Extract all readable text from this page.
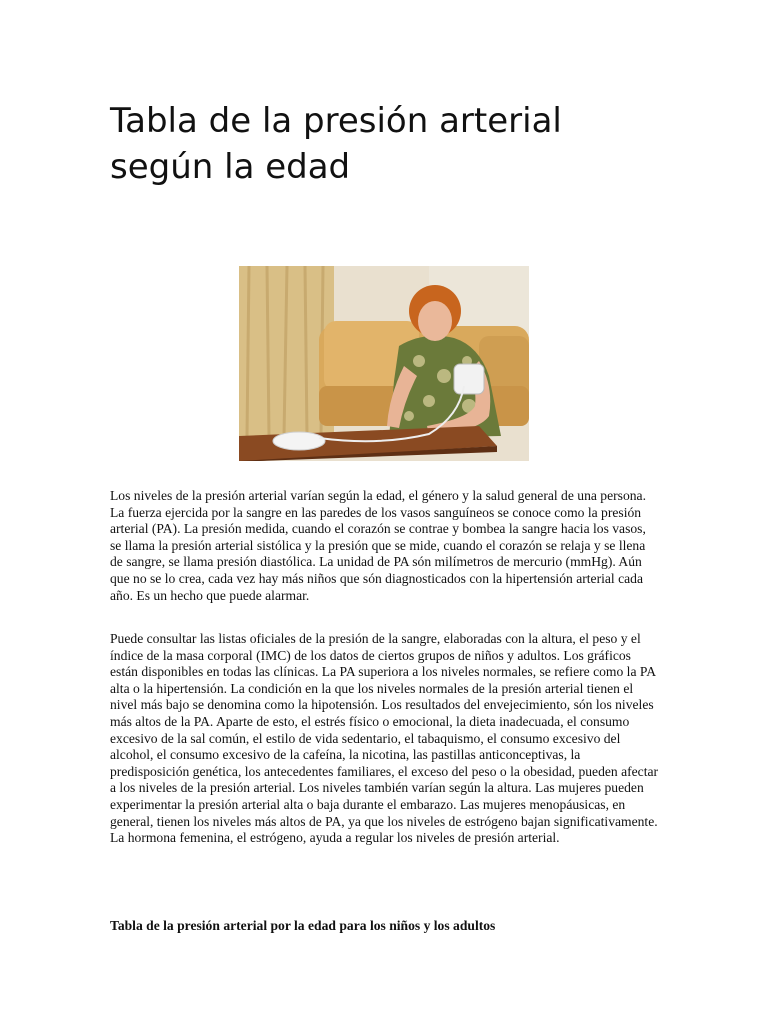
Tabla de la presión arterial según la edad

Los niveles de la presión arterial varían según la edad, el género y la salud general de una persona. La fuerza ejercida por la sangre en las paredes de los vasos sanguíneos se conoce como la presión arterial (PA). La presión medida, cuando el corazón se contrae y bombea la sangre hacia los vasos, se llama la presión arterial sistólica y la presión que se mide, cuando el corazón se relaja y se llena de sangre, se llama presión diastólica. La unidad de PA són milímetros de mercurio (mmHg). Aún que no se lo crea, cada vez hay más niños que són diagnosticados con la hipertensión arterial cada año. Es un hecho que puede alarmar.

Puede consultar las listas oficiales de la presión de la sangre, elaboradas con la altura, el peso y el índice de la masa corporal (IMC) de los datos de ciertos grupos de niños y adultos. Los gráficos están disponibles en todas las clínicas. La PA superiora a los niveles normales, se refiere como la PA alta o la hipertensión. La condición en la que los niveles normales de la presión arterial tienen el nivel más bajo se denomina como la hipotensión. Los resultados del envejecimiento, són los niveles más altos de la PA. Aparte de esto, el estrés físico o emocional, la dieta inadecuada, el consumo excesivo de la sal común, el estilo de vida sedentario, el tabaquismo, el consumo excesivo del alcohol, el consumo excesivo de la cafeína, la nicotina, las pastillas anticonceptivas, la predisposición genética, los antecedentes familiares, el exceso del peso o la obesidad, pueden afectar a los niveles de la presión arterial. Los niveles también varían según la altura. Las mujeres pueden experimentar la presión arterial alta o baja durante el embarazo. Las mujeres menopáusicas, en general, tienen los niveles más altos de PA, ya que los niveles de estrógeno bajan significativamente. La hormona femenina, el estrógeno, ayuda a regular los niveles de presión arterial.

Tabla de la presión arterial por la edad para los niños y los adultos
